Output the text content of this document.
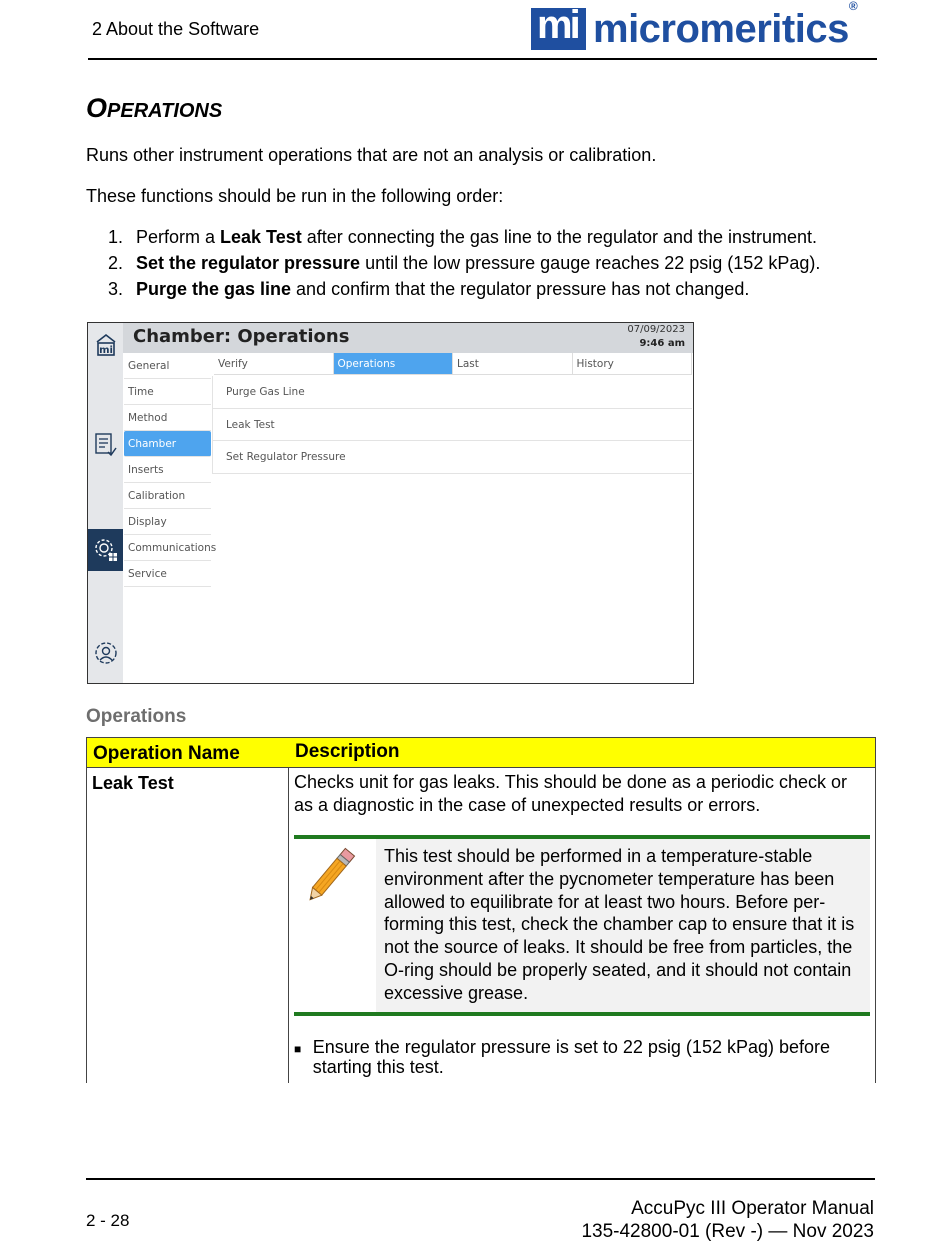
2 About the Software	mi micromeritics®
OPERATIONS
Runs other instrument operations that are not an analysis or calibration.
These functions should be run in the following order:
1. Perform a Leak Test after connecting the gas line to the regulator and the instrument.
2. Set the regulator pressure until the low pressure gauge reaches 22 psig (152 kPag).
3. Purge the gas line and confirm that the regulator pressure has not changed.
mi
Chamber: Operations	07/09/2023
9:46 am
General
Time
Method
Chamber
Inserts
Calibration
Display
Communications
Service
Verify	Operations	Last	History
Purge Gas Line
Leak Test
Set Regulator Pressure
Operations
Operation Name	Description
Leak Test	Checks unit for gas leaks. This should be done as a periodic check or as a diagnostic in the case of unexpected results or errors.
This test should be performed in a temperature-stable environment after the pycnometer temperature has been allowed to equilibrate for at least two hours. Before performing this test, check the chamber cap to ensure that it is not the source of leaks. It should be free from particles, the O-ring should be properly seated, and it should not contain excessive grease.
■ Ensure the regulator pressure is set to 22 psig (152 kPag) before starting this test.
2 - 28
AccuPyc III Operator Manual
135-42800-01 (Rev -) — Nov 2023
